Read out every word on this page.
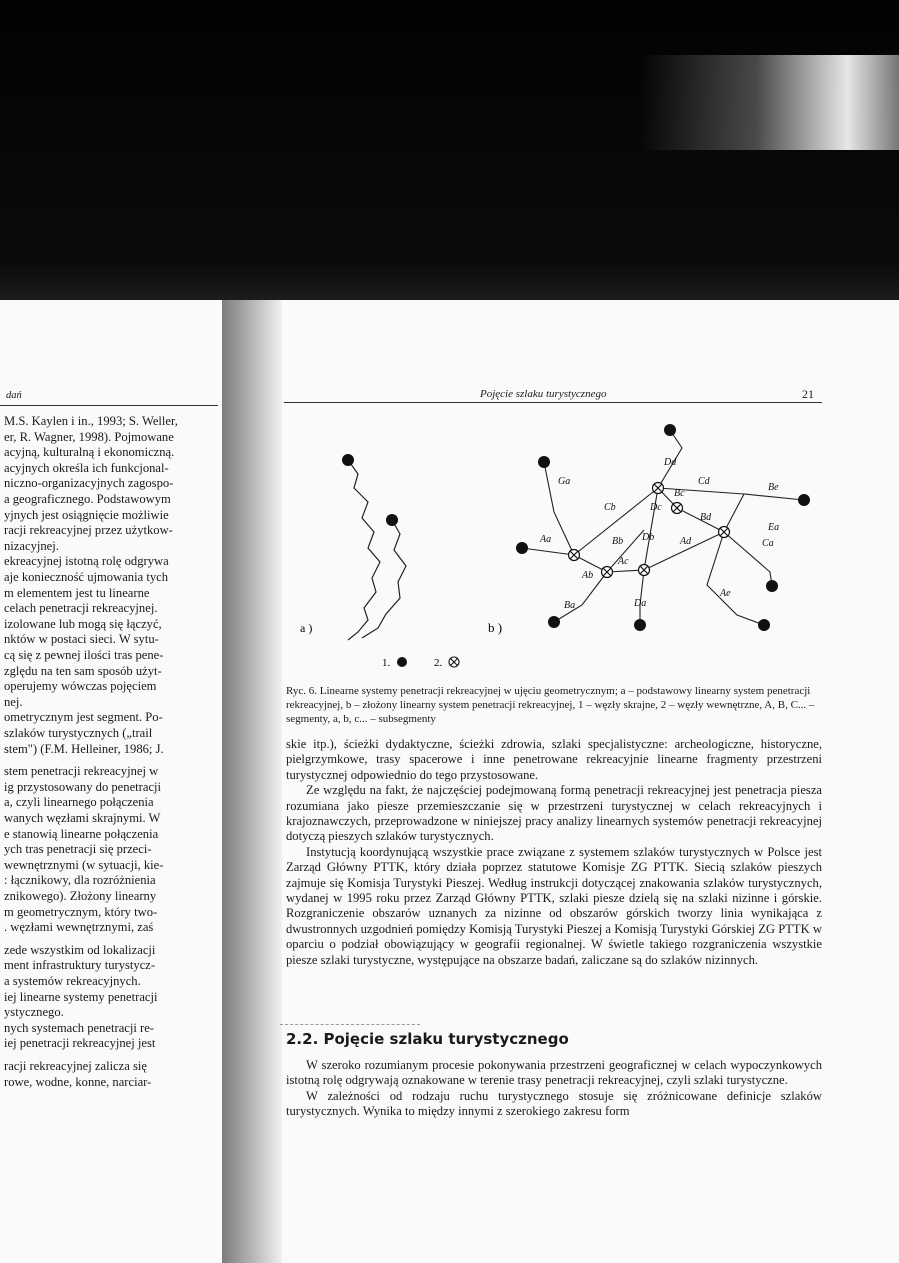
dań
M.S. Kaylen i in., 1993; S. Weller,
er, R. Wagner, 1998). Pojmowane
acyjną, kulturalną i ekonomiczną.
acyjnych określa ich funkcjonal-
niczno-organizacyjnych zagospo-
a geograficznego. Podstawowym
yjnych jest osiągnięcie możliwie
racji rekreacyjnej przez użytkow-
nizacyjnej.
ekreacyjnej istotną rolę odgrywa
aje konieczność ujmowania tych
m elementem jest tu linearne
celach penetracji rekreacyjnej.
izolowane lub mogą się łączyć,
nktów w postaci sieci. W sytu-
cą się z pewnej ilości tras pene-
zględu na ten sam sposób użyt-
operujemy wówczas pojęciem
nej.
ometrycznym jest segment. Po-
szlaków turystycznych („trail
stem") (F.M. Helleiner, 1986; J.
stem penetracji rekreacyjnej w
ig przystosowany do penetracji
a, czyli linearnego połączenia
wanych węzłami skrajnymi. W
e stanowią linearne połączenia
ych tras penetracji się przeci-
wewnętrznymi (w sytuacji, kie-
: łącznikowy, dla rozróżnienia
znikowego). Złożony linearny
m geometrycznym, który two-
. węzłami wewnętrznymi, zaś
zede wszystkim od lokalizacji
ment infrastruktury turystycz-
a systemów rekreacyjnych.
iej linearne systemy penetracji
ystycznego.
nych systemach penetracji re-
iej penetracji rekreacyjnej jest
racji rekreacyjnej zalicza się
rowe, wodne, konne, narciar-
Pojęcie szlaku turystycznego	21
a )
Aa
Ab
Ac
Ad
Ae
Ba
Bb
Bc
Bd
Be
Ca
Cb
Cd
Da
Db
Dc
Dd
Ea
Ga
b )
1.	2.
Ryc. 6. Linearne systemy penetracji rekreacyjnej w ujęciu geometrycznym; a – podstawowy linearny system penetracji rekreacyjnej, b – złożony linearny system penetracji rekreacyjnej, 1 – węzły skrajne, 2 – węzły wewnętrzne, A, B, C... – segmenty, a, b, c... – subsegmenty

skie itp.), ścieżki dydaktyczne, ścieżki zdrowia, szlaki specjalistyczne: archeologiczne, historyczne, pielgrzymkowe, trasy spacerowe i inne penetrowane rekreacyjnie linearne fragmenty przestrzeni turystycznej odpowiednio do tego przystosowane.

Ze względu na fakt, że najczęściej podejmowaną formą penetracji rekreacyjnej jest penetracja piesza rozumiana jako piesze przemieszczanie się w przestrzeni turystycznej w celach rekreacyjnych i krajoznawczych, przeprowadzone w niniejszej pracy analizy linearnych systemów penetracji rekreacyjnej dotyczą pieszych szlaków turystycznych.

Instytucją koordynującą wszystkie prace związane z systemem szlaków turystycznych w Polsce jest Zarząd Główny PTTK, który działa poprzez statutowe Komisje ZG PTTK. Siecią szlaków pieszych zajmuje się Komisja Turystyki Pieszej. Według instrukcji dotyczącej znakowania szlaków turystycznych, wydanej w 1995 roku przez Zarząd Główny PTTK, szlaki piesze dzielą się na szlaki nizinne i górskie. Rozgraniczenie obszarów uznanych za nizinne od obszarów górskich tworzy linia wynikająca z dwustronnych uzgodnień pomiędzy Komisją Turystyki Pieszej a Komisją Turystyki Górskiej ZG PTTK w oparciu o podział obowiązujący w geografii regionalnej. W świetle takiego rozgraniczenia wszystkie piesze szlaki turystyczne, występujące na obszarze badań, zaliczane są do szlaków nizinnych.

2.2. Pojęcie szlaku turystycznego

W szeroko rozumianym procesie pokonywania przestrzeni geograficznej w celach wypoczynkowych istotną rolę odgrywają oznakowane w terenie trasy penetracji rekreacyjnej, czyli szlaki turystyczne.

W zależności od rodzaju ruchu turystycznego stosuje się zróżnicowane definicje szlaków turystycznych. Wynika to między innymi z szerokiego zakresu form
